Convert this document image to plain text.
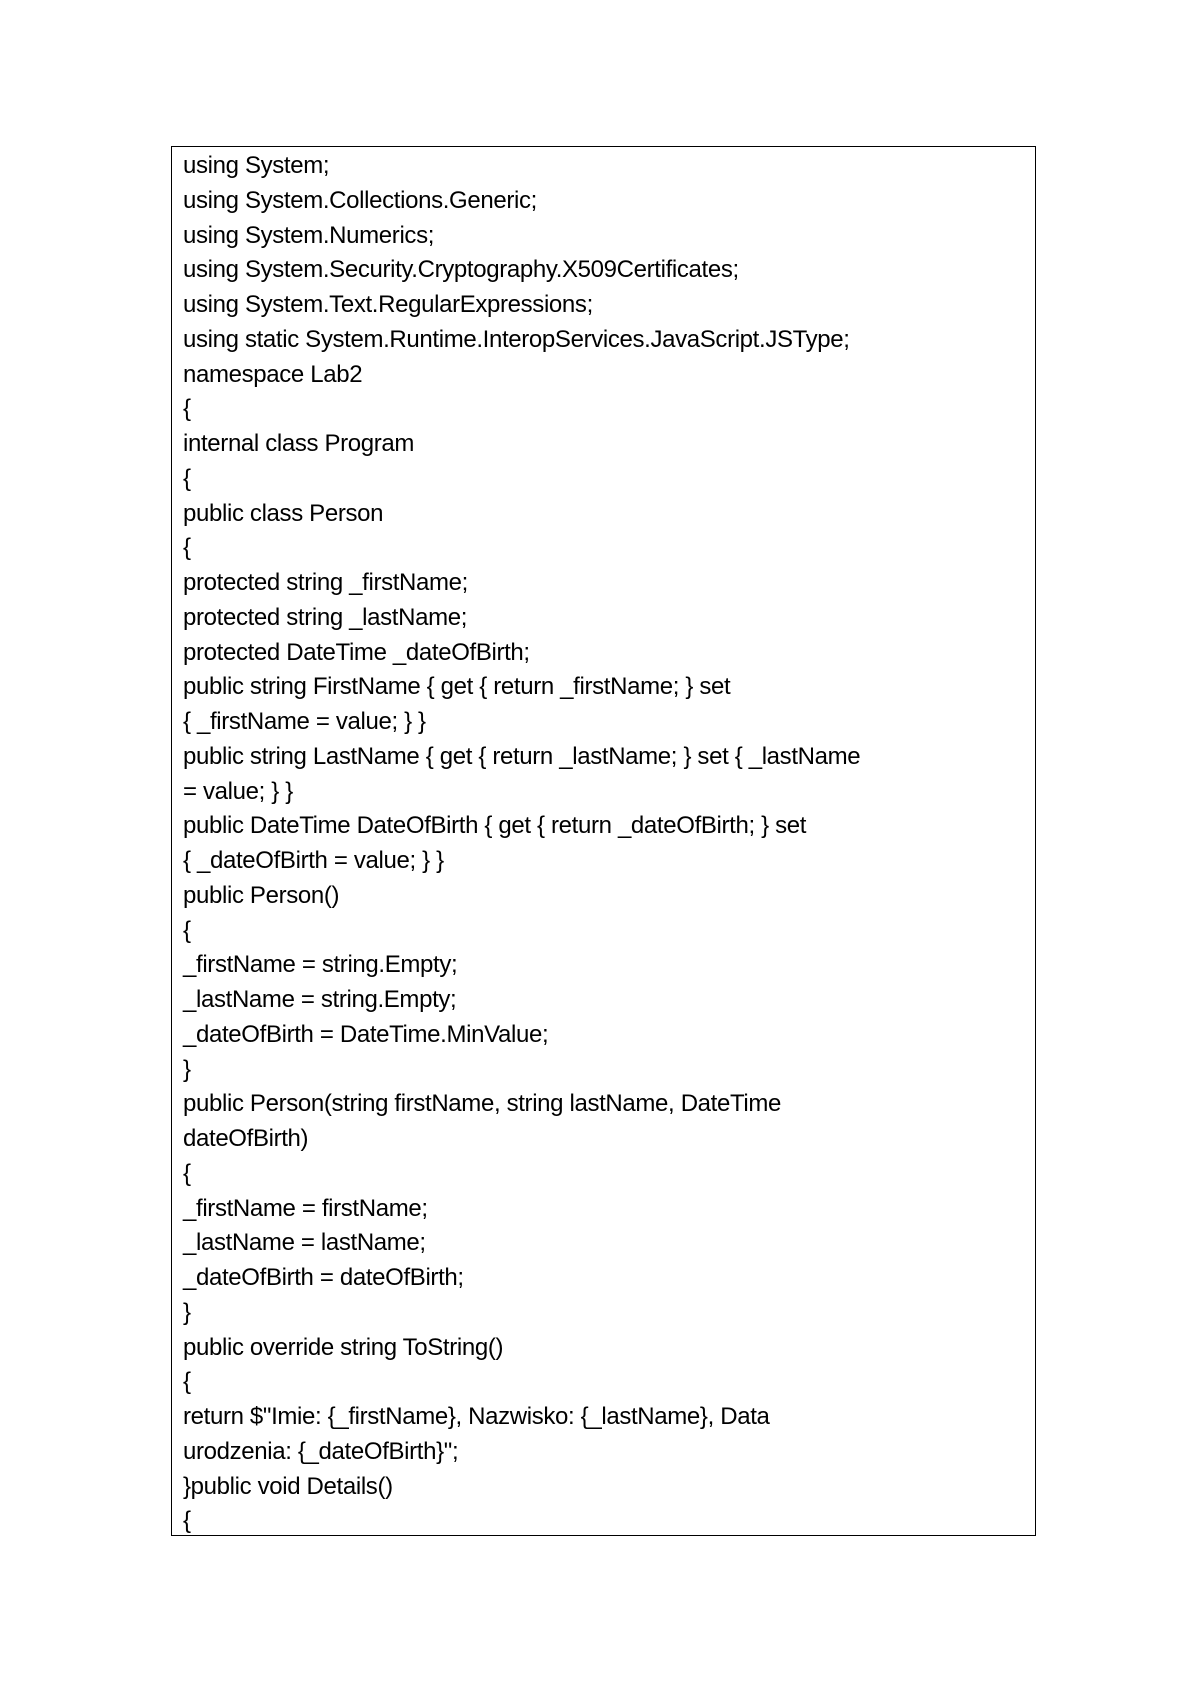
using System;
using System.Collections.Generic;
using System.Numerics;
using System.Security.Cryptography.X509Certificates;
using System.Text.RegularExpressions;
using static System.Runtime.InteropServices.JavaScript.JSType;
namespace Lab2
{
internal class Program
{
public class Person
{
protected string _firstName;
protected string _lastName;
protected DateTime _dateOfBirth;
public string FirstName { get { return _firstName; } set
{ _firstName = value; } }
public string LastName { get { return _lastName; } set { _lastName
= value; } }
public DateTime DateOfBirth { get { return _dateOfBirth; } set
{ _dateOfBirth = value; } }
public Person()
{
_firstName = string.Empty;
_lastName = string.Empty;
_dateOfBirth = DateTime.MinValue;
}
public Person(string firstName, string lastName, DateTime
dateOfBirth)
{
_firstName = firstName;
_lastName = lastName;
_dateOfBirth = dateOfBirth;
}
public override string ToString()
{
return $"Imie: {_firstName}, Nazwisko: {_lastName}, Data
urodzenia: {_dateOfBirth}";
}public void Details()
{
